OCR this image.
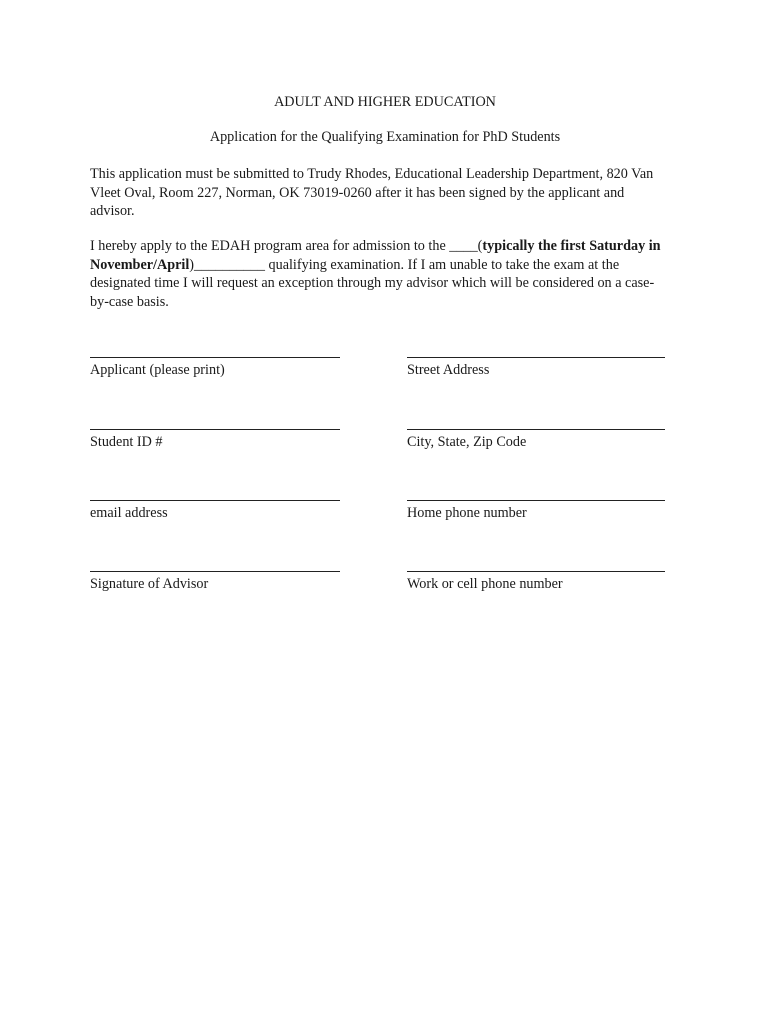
ADULT AND HIGHER EDUCATION
Application for the Qualifying Examination for PhD Students
This application must be submitted to Trudy Rhodes, Educational Leadership Department, 820 Van Vleet Oval, Room 227, Norman, OK 73019-0260 after it has been signed by the applicant and advisor.
I hereby apply to the EDAH program area for admission to the ____(typically the first Saturday in November/April)__________ qualifying examination. If I am unable to take the exam at the designated time I will request an exception through my advisor which will be considered on a case-by-case basis.
Applicant (please print)
Student ID #
email address
Signature of Advisor
Street Address
City, State, Zip Code
Home phone number
Work or cell phone number
